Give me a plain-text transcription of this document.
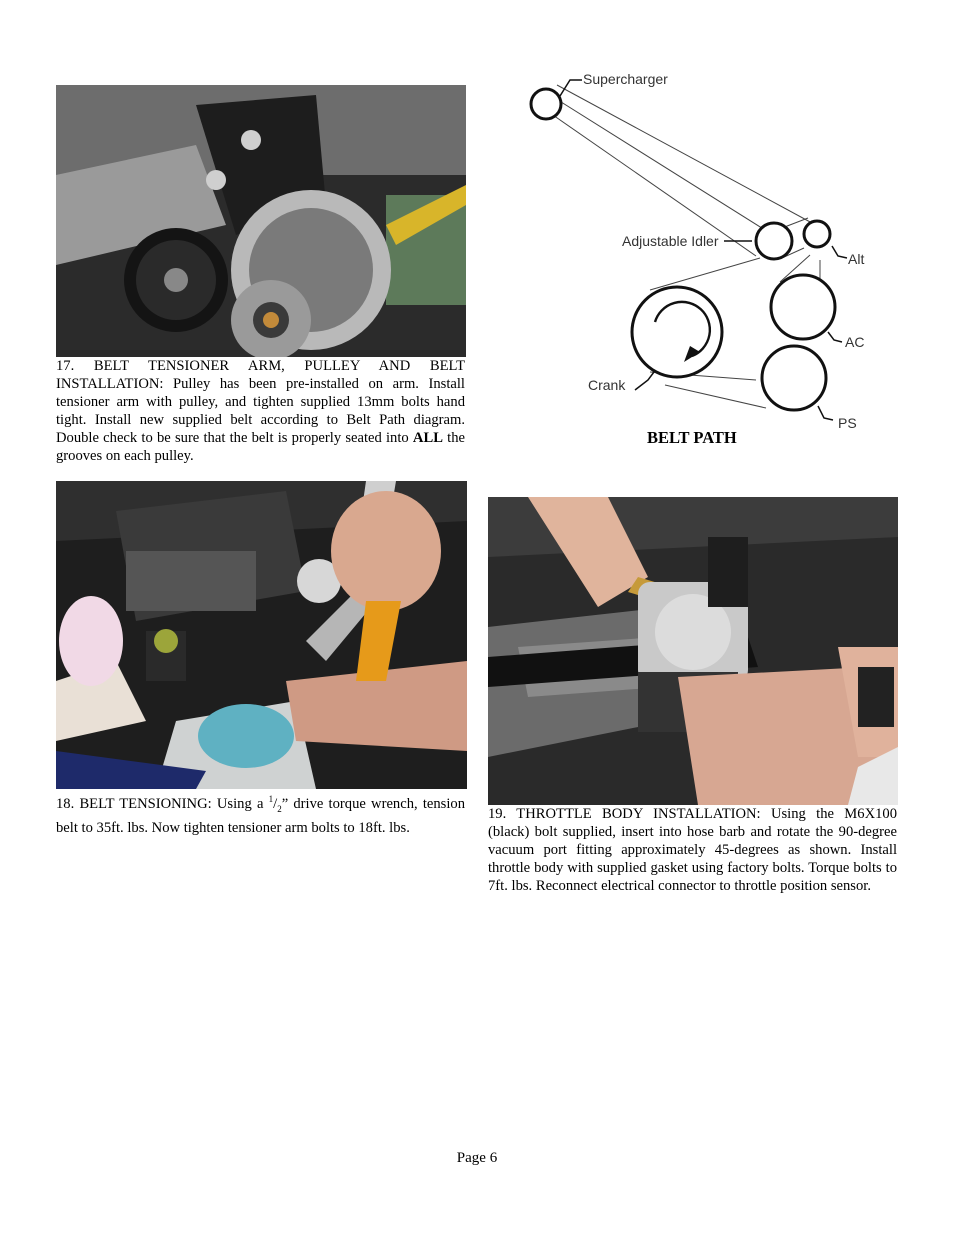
17. BELT TENSIONER ARM, PULLEY AND BELT INSTALLATION: Pulley has been pre-installed on arm. Install tensioner arm with pulley, and tighten supplied 13mm bolts hand tight. Install new supplied belt according to Belt Path diagram. Double check to be sure that the belt is properly seated into ALL the grooves on each pulley.
Supercharger
Adjustable Idler
Alt
AC
Crank
PS
BELT PATH
18. BELT TENSIONING: Using a $^1/_2$” drive torque wrench, tension belt to 35ft. lbs. Now tighten tensioner arm bolts to 18ft. lbs.
19. THROTTLE BODY INSTALLATION: Using the M6X100 (black) bolt supplied, insert into hose barb and rotate the 90-degree vacuum port fitting approximately 45-degrees as shown. Install throttle body with supplied gasket using factory bolts. Torque bolts to 7ft. lbs. Reconnect electrical connector to throttle position sensor.
Page 6
